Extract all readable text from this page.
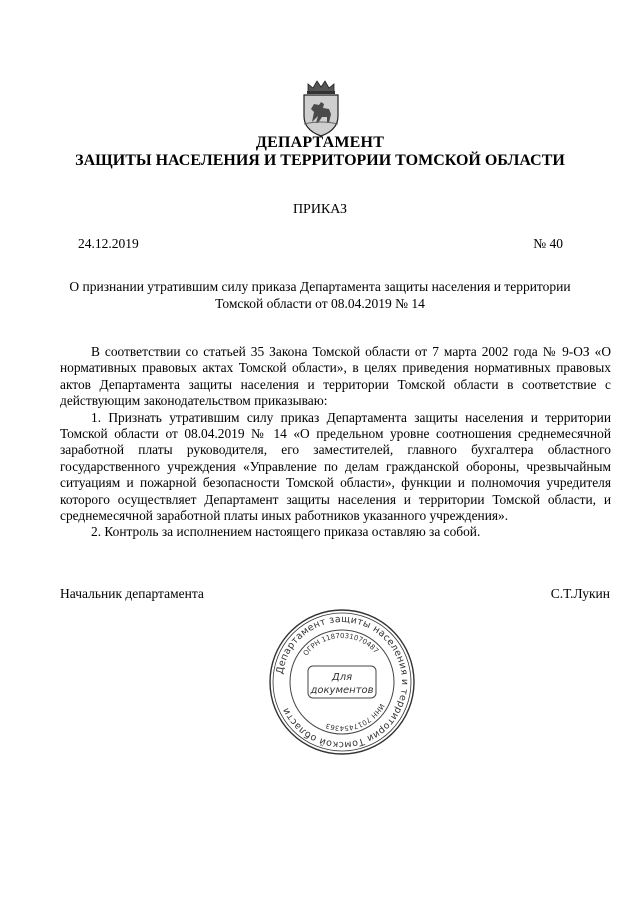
ДЕПАРТАМЕНТ
ЗАЩИТЫ НАСЕЛЕНИЯ И ТЕРРИТОРИИ ТОМСКОЙ ОБЛАСТИ
ПРИКАЗ
24.12.2019	№ 40
О признании утратившим силу приказа Департамента защиты населения и территории
Томской области от 08.04.2019 № 14

В соответствии со статьей 35 Закона Томской области от 7 марта 2002 года № 9-ОЗ «О нормативных правовых актах Томской области», в целях приведения нормативных правовых актов Департамента защиты населения и территории Томской области в соответствие с действующим законодательством приказываю:

1. Признать утратившим силу приказ Департамента защиты населения и территории Томской области от 08.04.2019 № 14 «О предельном уровне соотношения среднемесячной заработной платы руководителя, его заместителей, главного бухгалтера областного государственного учреждения «Управление по делам гражданской обороны, чрезвычайным ситуациям и пожарной безопасности Томской области», функции и полномочия учредителя которого осуществляет Департамент защиты населения и территории Томской области, и среднемесячной заработной платы иных работников указанного учреждения».

2. Контроль за исполнением настоящего приказа оставляю за собой.

Начальник департамента	С.Т.Лукин
Департамент защиты населения и территории Томской области
ОГРН 1187031070487
ИНН 7017454363
Для
документов
